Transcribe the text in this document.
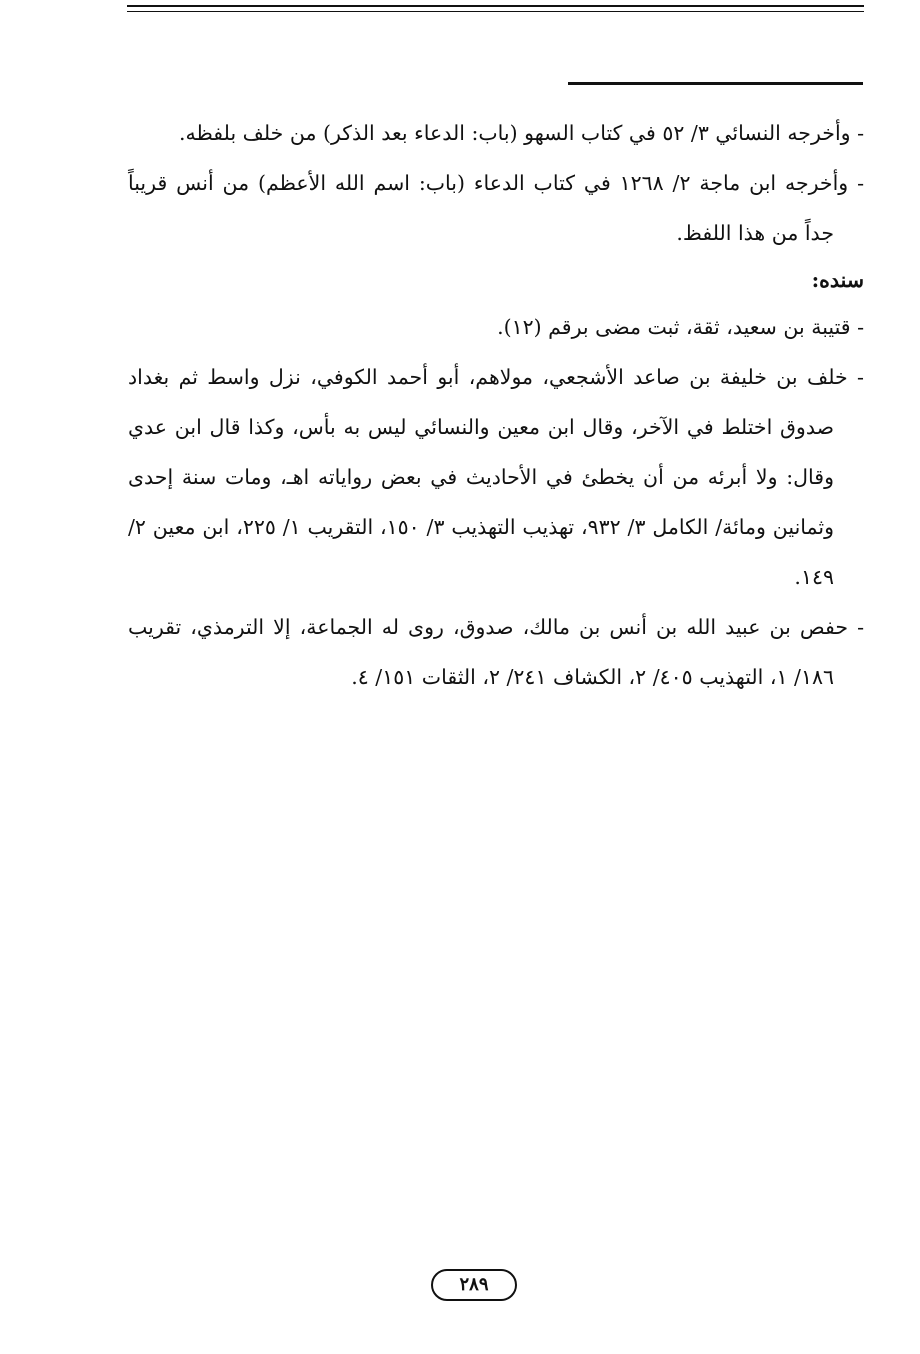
- وأخرجه النسائي ٣/ ٥٢ في كتاب السهو (باب: الدعاء بعد الذكر) من خلف بلفظه.

- وأخرجه ابن ماجة ٢/ ١٢٦٨ في كتاب الدعاء (باب: اسم الله الأعظم) من أنس قريباً جداً من هذا اللفظ.

سنده:

- قتيبة بن سعيد، ثقة، ثبت مضى برقم (١٢).

- خلف بن خليفة بن صاعد الأشجعي، مولاهم، أبو أحمد الكوفي، نزل واسط ثم بغداد صدوق اختلط في الآخر، وقال ابن معين والنسائي ليس به بأس، وكذا قال ابن عدي وقال: ولا أبرئه من أن يخطئ في الأحاديث في بعض رواياته اهـ، ومات سنة إحدى وثمانين ومائة/ الكامل ٣/ ٩٣٢، تهذيب التهذيب ٣/ ١٥٠، التقريب ١/ ٢٢٥، ابن معين ٢/ ١٤٩.

- حفص بن عبيد الله بن أنس بن مالك، صدوق، روى له الجماعة، إلا الترمذي، تقريب ١٨٦/ ١، التهذيب ٤٠٥/ ٢، الكشاف ٢٤١/ ٢، الثقات ١٥١/ ٤.

٢٨٩
